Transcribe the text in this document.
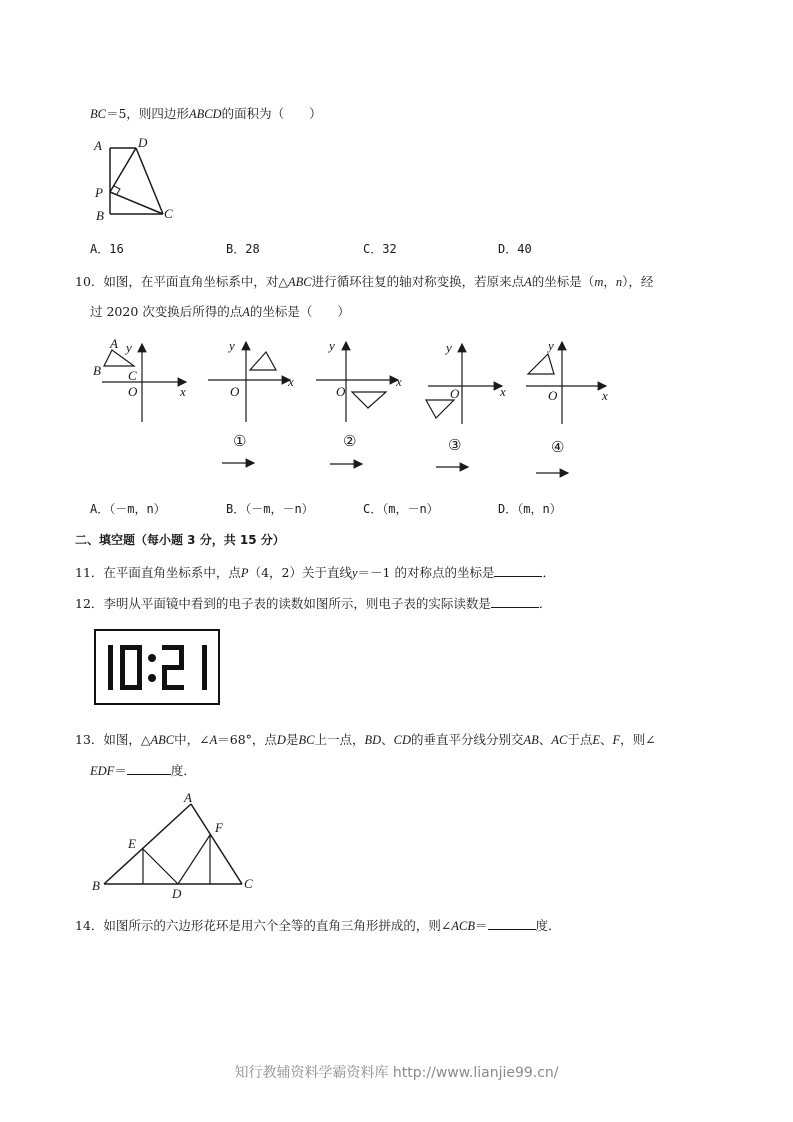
BC＝5，则四边形ABCD的面积为（　　）
A	D
P
B	C
A．16	B．28	C．32	D．40
10．如图，在平面直角坐标系中，对△ABC进行循环往复的轴对称变换，若原来点A的坐标是（m，n），经
过 2020 次变换后所得的点A的坐标是（　　）
A
B C
y
x
O
y
x
O
①
y
x
O
②
y
x
O
③
y
x
O
④
A．（－m，n）	B．（－m，－n）	C．（m，－n）	D．（m，n）
二、填空题（每小题 3 分，共 15 分）
11．在平面直角坐标系中，点P（4，2）关于直线y＝－1 的对称点的坐标是	．
12．李明从平面镜中看到的电子表的读数如图所示，则电子表的实际读数是	．
13．如图，△ABC中，∠A＝68°，点D是BC上一点，BD、CD的垂直平分线分别交AB、AC于点E、F，则∠
EDF＝	度．
A
E
F
B
D
C
14．如图所示的六边形花环是用六个全等的直角三角形拼成的，则∠ACB＝	度．
知行教辅资料学霸资料库 http://www.lianjie99.cn/
